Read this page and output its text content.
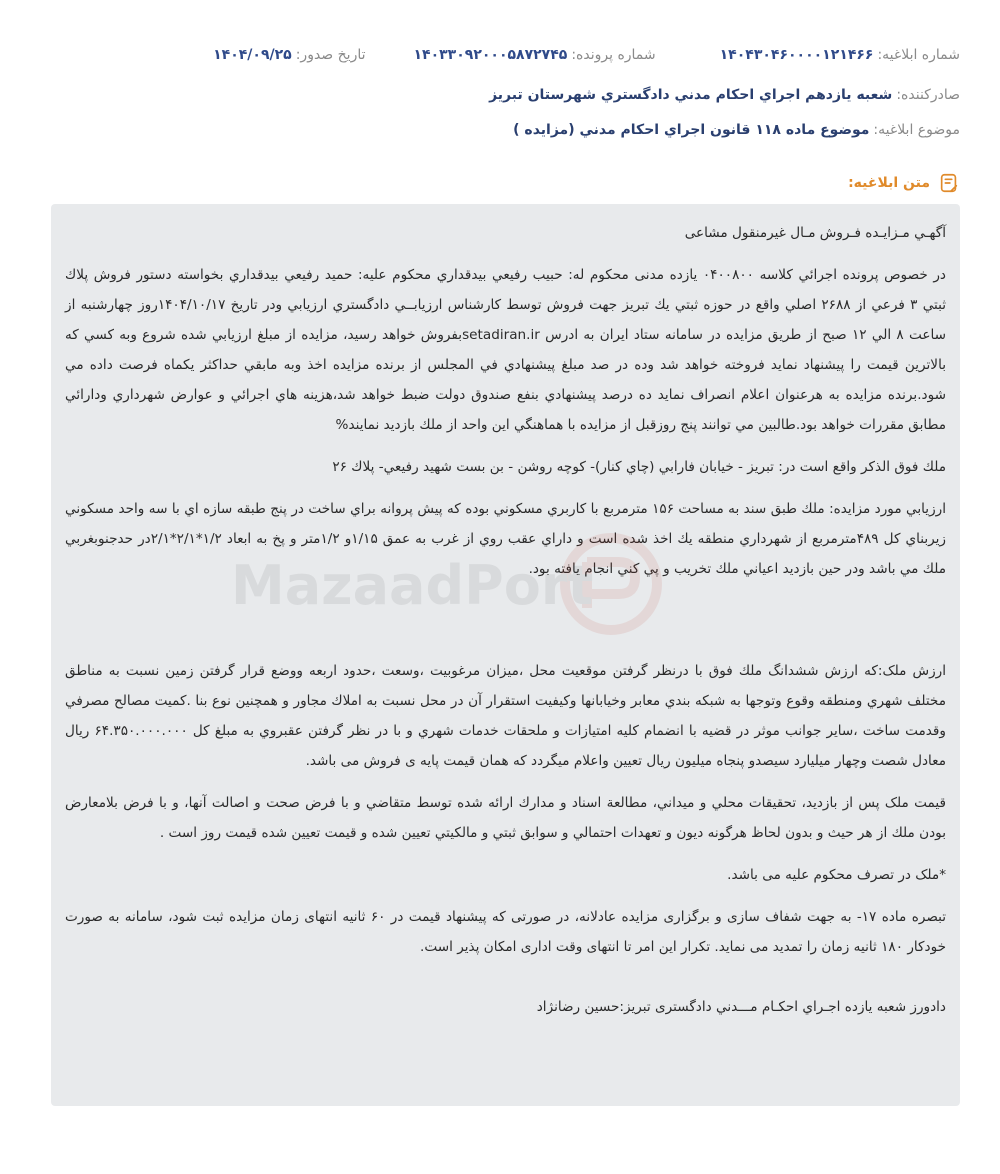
شماره ابلاغيه:
۱۴۰۴۳۰۴۶۰۰۰۰۱۲۱۴۶۶
شماره پرونده:
۱۴۰۳۳۰۹۲۰۰۰۵۸۷۲۷۴۵
تاريخ صدور:
۱۴۰۴/۰۹/۲۵
صادرکننده:
شعبه يازدهم اجراي احكام مدني دادگستري شهرستان تبريز
موضوع ابلاغيه:
موضوع ماده ۱۱۸ قانون اجراي احكام مدني (مزايده )
متن ابلاغيه:
MazaadPort

آگهـي مـزايـده فـروش مـال غيرمنقول مشاعی

در خصوص پرونده اجرائي كلاسه ۰۴۰۰۸۰۰ يازده مدنی محکوم له: حبيب رفيعي بيدقداري محکوم عليه: حميد رفيعي بيدقداري بخواسته دستور فروش پلاك ثبتي ۳ فرعي از ۲۶۸۸ اصلي واقع در حوزه ثبتي يك تبريز جهت فروش توسط كارشناس ارزيابــي دادگستري ارزيابي ودر تاريخ ۱۴۰۴/۱۰/۱۷روز چهارشنبه از ساعت ۸ الي ۱۲ صبح از طريق مزايده در سامانه ستاد ايران به ادرس setadiran.irبفروش خواهد رسيد، مزايده از مبلغ ارزيابي شده شروع وبه كسي كه بالاترين قيمت را پيشنهاد نمايد فروخته خواهد شد وده در صد مبلغ پيشنهادي في المجلس از برنده مزايده اخذ وبه مابقي حداكثر يكماه فرصت داده مي شود.برنده مزايده به هرعنوان اعلام انصراف نمايد ده درصد پيشنهادي بنفع صندوق دولت ضبط خواهد شد،هزينه هاي اجرائي و عوارض شهرداري ودارائي مطابق مقررات خواهد بود.طالبين مي توانند پنج روزقبل از مزايده با هماهنگي اين واحد از ملك بازديد نمايند%

ملك فوق الذكر واقع است در: تبريز - خيابان فارابي (چاي كنار)- كوچه روشن - بن بست شهيد رفيعي- پلاك ۲۶

ارزيابي مورد مزايده: ملك طبق سند به مساحت ۱۵۶ مترمربع با كاربري مسكوني بوده كه پيش پروانه براي ساخت در پنج طبقه سازه اي با سه واحد مسكوني زيربناي كل ۴۸۹مترمربع از شهرداري منطقه يك اخذ شده است و داراي عقب روي از غرب به عمق ۱/۱۵و ۱/۲متر و پخ به ابعاد ۱/۲*۲/۱*۲/۱در حدجنوبغربي ملك مي باشد ودر حين بازديد اعياني ملك تخريب و پي كني انجام يافته بود.

ارزش ملک:كه ارزش ششدانگ ملك فوق با درنظر گرفتن موقعيت محل ،ميزان مرغوبيت ،وسعت ،حدود اربعه ووضع قرار گرفتن زمين نسبت به مناطق مختلف شهري ومنطقه وقوع وتوجها به شبكه بندي معابر وخيابانها وكيفيت استقرار آن در محل نسبت به املاك مجاور و همچنين نوع بنا .كميت مصالح مصرفي وقدمت ساخت ،ساير جوانب موثر در قضيه با انضمام كليه امتيازات و ملحقات خدمات شهري و با در نظر گرفتن عقبروي به مبلغ كل ۶۴.۳۵۰.۰۰۰.۰۰۰ ريال معادل شصت وچهار ميليارد سيصدو پنجاه ميليون ريال تعيين واعلام ميگردد كه همان قيمت پايه ی فروش می باشد.

قيمت ملک پس از بازديد، تحقيقات محلي و ميداني، مطالعة اسناد و مدارك ارائه شده توسط متقاضي و با فرض صحت و اصالت آنها، و با فرض بلامعارض بودن ملك از هر حيث و بدون لحاظ هرگونه ديون و تعهدات احتمالي و سوابق ثبتي و مالكيتي تعيين شده و قيمت تعيين شده قيمت روز است .

*ملک در تصرف محکوم علیه می باشد.

تبصره ماده ۱۷- به جهت شفاف سازی و برگزاری مزایده عادلانه، در صورتی که پیشنهاد قیمت در ۶۰ ثانیه انتهای زمان مزایده ثبت شود، سامانه به صورت خودکار ۱۸۰ ثانیه زمان را تمدید می نماید. تکرار این امر تا انتهای وقت اداری امکان پذیر است.

دادورز شعبه يازده اجـراي احكـام مـــدني دادگستری تبريز:حسين رضانژاد
